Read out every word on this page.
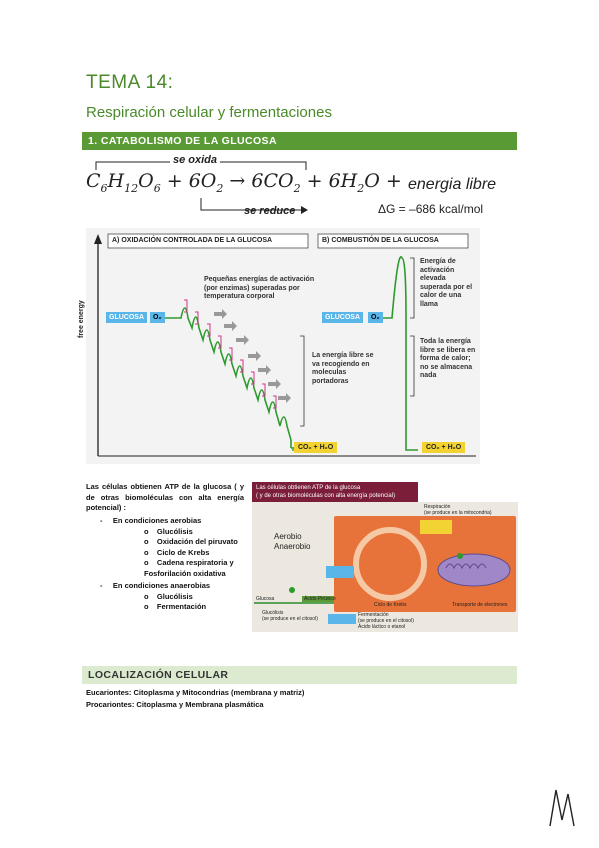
TEMA 14:
Respiración celular y fermentaciones
1. CATABOLISMO DE LA GLUCOSA
se oxida
$C_6H_{12}O_6 + 6O_2 \to 6CO_2 + 6H_2O$ + energia libre
se reduce	ΔG = –686 kcal/mol
A) OXIDACIÓN CONTROLADA DE LA GLUCOSA	B) COMBUSTIÓN DE LA GLUCOSA
free energy	GLUCOSA	O₂
Pequeñas energías de activación (por enzimas) superadas por temperatura corporal
La energía libre se va recogiendo en moleculas portadoras
CO₂ + H₂O
GLUCOSA	O₂
Energía de activación elevada superada por el calor de una llama
Toda la energía libre se libera en forma de calor; no se almacena nada
CO₂ + H₂O
Las células obtienen ATP de la glucosa ( y de otras biomoléculas con alta energía potencial) :
-     En condiciones aerobias
o    Glucólisis
o    Oxidación del piruvato
o    Ciclo de Krebs
o    Cadena respiratoria y Fosforilación oxidativa
-     En condiciones anaerobias
o    Glucólisis
o    Fermentación
Las células obtienen ATP de la glucosa
( y de otras biomoléculas con alta energía potencial)
Aerobio
Anaerobio
Respiración
(se produce en la mitocondria)
Ciclo de Krebs	Transporte de electrones
Glucosa	Ácido Pirúvico
Glucólisis
(se produce en el citosol)
Fermentación
(se produce en el citosol)
Ácido láctico o etanol
LOCALIZACIÓN CELULAR
Eucariontes: Citoplasma y Mitocondrias (membrana y matriz)
Procariontes: Citoplasma y Membrana plasmática
